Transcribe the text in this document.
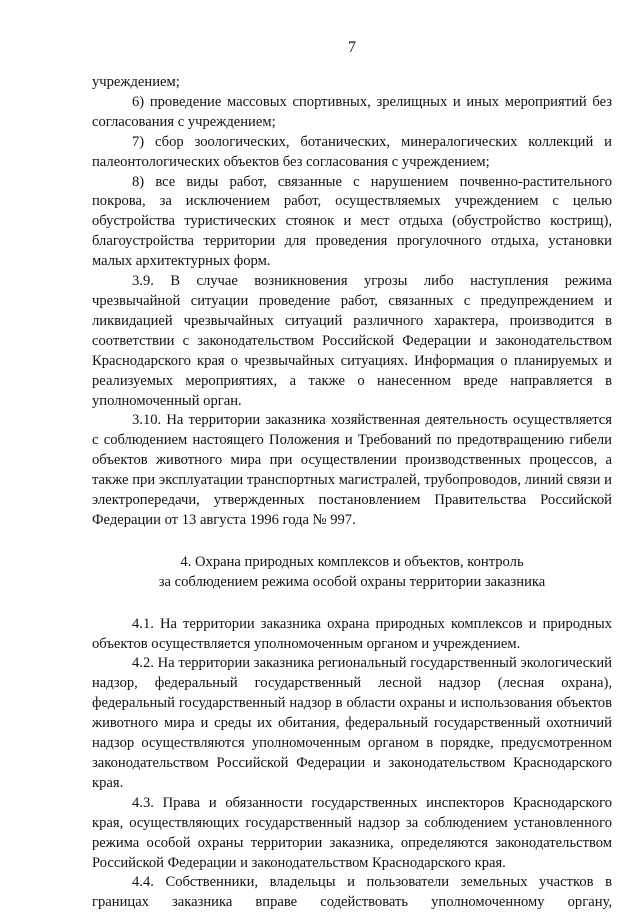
7

учреждением;

6) проведение массовых спортивных, зрелищных и иных мероприятий без согласования с учреждением;

7) сбор зоологических, ботанических, минералогических коллекций и палеонтологических объектов без согласования с учреждением;

8) все виды работ, связанные с нарушением почвенно-растительного покрова, за исключением работ, осуществляемых учреждением с целью обустройства туристических стоянок и мест отдыха (обустройство кострищ), благоустройства территории для проведения прогулочного отдыха, установки малых архитектурных форм.

3.9. В случае возникновения угрозы либо наступления режима чрезвычайной ситуации проведение работ, связанных с предупреждением и ликвидацией чрезвычайных ситуаций различного характера, производится в соответствии с законодательством Российской Федерации и законодательством Краснодарского края о чрезвычайных ситуациях. Информация о планируемых и реализуемых мероприятиях, а также о нанесенном вреде направляется в уполномоченный орган.

3.10. На территории заказника хозяйственная деятельность осуществляется с соблюдением настоящего Положения и Требований по предотвращению гибели объектов животного мира при осуществлении производственных процессов, а также при эксплуатации транспортных магистралей, трубопроводов, линий связи и электропередачи, утвержденных постановлением Правительства Российской Федерации от 13 августа 1996 года № 997.

4. Охрана природных комплексов и объектов, контроль
за соблюдением режима особой охраны территории заказника

4.1. На территории заказника охрана природных комплексов и природных объектов осуществляется уполномоченным органом и учреждением.

4.2. На территории заказника региональный государственный экологический надзор, федеральный государственный лесной надзор (лесная охрана), федеральный государственный надзор в области охраны и использования объектов животного мира и среды их обитания, федеральный государственный охотничий надзор осуществляются уполномоченным органом в порядке, предусмотренном законодательством Российской Федерации и законодательством Краснодарского края.

4.3. Права и обязанности государственных инспекторов Краснодарского края, осуществляющих государственный надзор за соблюдением установленного режима особой охраны территории заказника, определяются законодательством Российской Федерации и законодательством Краснодарского края.

4.4. Собственники, владельцы и пользователи земельных участков в границах заказника вправе содействовать уполномоченному органу,
